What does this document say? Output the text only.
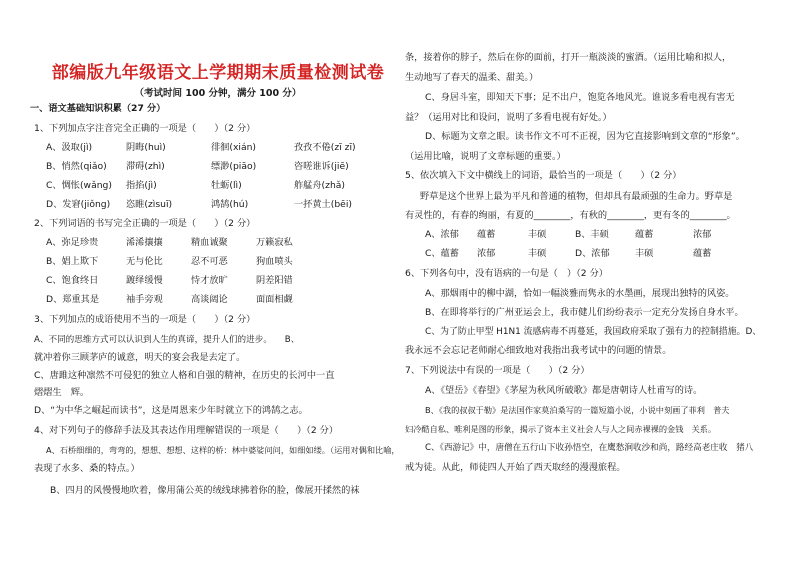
部编版九年级语文上学期期末质量检测试卷
（考试时间 100 分钟，满分 100 分）
一、语文基础知识积累（27 分）
1、下列加点字注音完全正确的一项是（　　）（2 分）
A、汲取(jì)	阴晦(huì)	徘徊(xián)	孜孜不倦(zī zī)
B、悄然(qiǎo) 滞碍(zhì)	缥渺(piāo)	咨嗟谁诉(jiē)
C、惆怅(wǎng) 指掐(jì)	牡蛎(lì)	舴艋舟(zhǎ)
D、发窘(jiǒng) 恣睢(zìsuī)	鸿鹄(hú)	一抔黄土(bēi)
2、下列词语的书写完全正确的一项是（　　）（2 分）
A、弥足珍贵	浠浠攘攘	精血诚聚	万籁寂私
B、娼上欺下	无与伦比	忍不可恶	狗血喷头
C、饱食终日	踱绎缓慢	恃才放旷	阴差阳错
D、郑重其是	袖手旁观	高谈阔论	面面相觑
3、下列加点的成语使用不当的一项是（　　）（2 分）
A、不同的思维方式可以认识到人生的真谛，提升人们的进步。　　B、
就冲着你三顾茅庐的诚意，明天的宴会我是去定了。
C、唐雎这种凛然不可侵犯的独立人格和自强的精神，在历史的长河中一直
熠熠生　辉。
D、“为中华之崛起而读书”，这是周恩来少年时就立下的鸿鹄之志。
4、对下列句子的修辞手法及其表达作用理解错误的一项是（　　）（2 分）
A、石桥细细的，弯弯的，想想、想想、这样的桥：林中婆娑问问，如细如缕。（运用对偶和比喻，
表现了水多、桑的特点。）
B、四月的风慢慢地吹着，像用蒲公英的绒线球拂着你的脸，像展开揉然的袜
条，接着你的脖子，然后在你的面前，打开一瓶淡淡的蜜酒。（运用比喻和拟人，
生动地写了春天的温柔、甜美。）
C、身居斗室，即知天下事；足不出户，饱览各地风光。谁说多看电视有害无
益？（运用对比和设问，说明了多看电视有好处。）
D、标题为文章之眼。读书作文不可不正视，因为它直接影响到文章的“形象”。
（运用比喻，说明了文章标题的重要。）
5、依次填入下文中横线上的词语，最恰当的一项是（　　）（2 分）
野草是这个世界上最为平凡和普通的植物，但却具有最顽强的生命力。野草是
有灵性的，有春的绚丽，有夏的________，有秋的________，更有冬的________。
A、浓郁 蕴蓄	丰硕	B、丰硕	蕴蓄	浓郁
C、蕴蓄 浓郁	丰硕	D、浓郁	丰硕	蕴蓄
6、下列各句中，没有语病的一句是（　）（2 分）
A、那烟雨中的柳中湖，恰如一幅淡雅而隽永的水墨画，展现出独特的风姿。
B、在即将举行的广州亚运会上，我市健儿们纷纷表示一定充分发扬自身水平。
C、为了防止甲型 H1N1 流感病毒不再蔓延，我国政府采取了强有力的控制措施。D、
我永远不会忘记老师耐心细致地对我指出我考试中的问题的情景。
7、下列说法中有误的一项是（　　）（2 分）
A、《望岳》《春望》《茅屋为秋风所破歌》都是唐朝诗人杜甫写的诗。
B、《我的叔叔于勒》是法国作家莫泊桑写的一篇短篇小说，小说中刻画了菲利　普夫
妇冷酷自私、唯利是图的形象，揭示了资本主义社会人与人之间赤裸裸的金钱　关系。
C、《西游记》中，唐僧在五行山下收孙悟空，在鹰愁涧收沙和尚，路经高老庄收　猪八
戒为徒。从此，师徒四人开始了西天取经的漫漫旅程。
